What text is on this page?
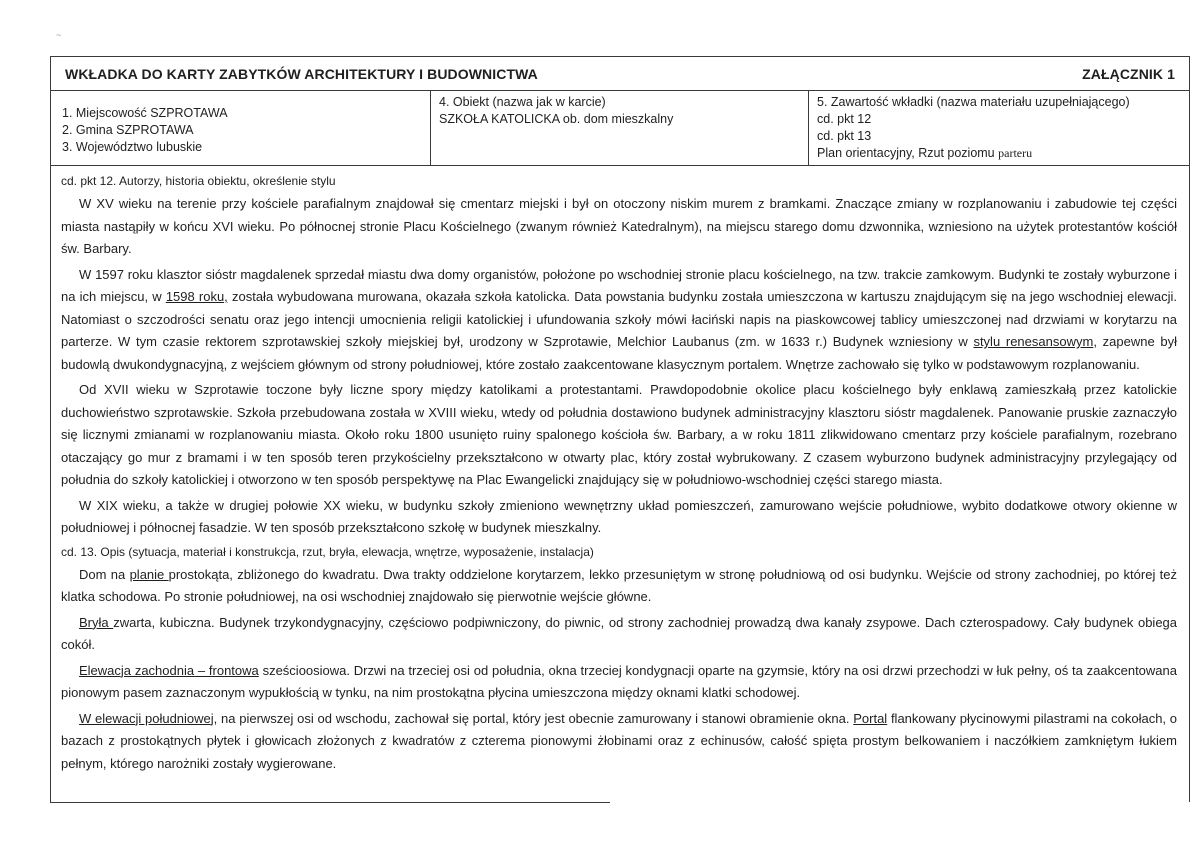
~
WKŁADKA DO KARTY ZABYTKÓW ARCHITEKTURY I BUDOWNICTWA	ZAŁĄCZNIK 1
1. Miejscowość SZPROTAWA
2. Gmina SZPROTAWA
3. Województwo lubuskie
4. Obiekt (nazwa jak w karcie)
SZKOŁA KATOLICKA ob. dom mieszkalny
5. Zawartość wkładki (nazwa materiału uzupełniającego)
cd. pkt 12
cd. pkt 13
Plan orientacyjny, Rzut poziomu parteru
cd. pkt 12. Autorzy, historia obiektu, określenie stylu

W XV wieku na terenie przy kościele parafialnym znajdował się cmentarz miejski i był on otoczony niskim murem z bramkami. Znaczące zmiany w rozplanowaniu i zabudowie tej części miasta nastąpiły w końcu XVI wieku. Po północnej stronie Placu Kościelnego (zwanym również Katedralnym), na miejscu starego domu dzwonnika, wzniesiono na użytek protestantów kościół św. Barbary.

W 1597 roku klasztor sióstr magdalenek sprzedał miastu dwa domy organistów, położone po wschodniej stronie placu kościelnego, na tzw. trakcie zamkowym. Budynki te zostały wyburzone i na ich miejscu, w 1598 roku, została wybudowana murowana, okazała szkoła katolicka. Data powstania budynku została umieszczona w kartuszu znajdującym się na jego wschodniej elewacji. Natomiast o szczodrości senatu oraz jego intencji umocnienia religii katolickiej i ufundowania szkoły mówi łaciński napis na piaskowcowej tablicy umieszczonej nad drzwiami w korytarzu na parterze. W tym czasie rektorem szprotawskiej szkoły miejskiej był, urodzony w Szprotawie, Melchior Laubanus (zm. w 1633 r.) Budynek wzniesiony w stylu renesansowym, zapewne był budowlą dwukondygnacyjną, z wejściem głównym od strony południowej, które zostało zaakcentowane klasycznym portalem. Wnętrze zachowało się tylko w podstawowym rozplanowaniu.

Od XVII wieku w Szprotawie toczone były liczne spory między katolikami a protestantami. Prawdopodobnie okolice placu kościelnego były enklawą zamieszkałą przez katolickie duchowieństwo szprotawskie. Szkoła przebudowana została w XVIII wieku, wtedy od południa dostawiono budynek administracyjny klasztoru sióstr magdalenek. Panowanie pruskie zaznaczyło się licznymi zmianami w rozplanowaniu miasta. Około roku 1800 usunięto ruiny spalonego kościoła św. Barbary, a w roku 1811 zlikwidowano cmentarz przy kościele parafialnym, rozebrano otaczający go mur z bramami i w ten sposób teren przykościelny przekształcono w otwarty plac, który został wybrukowany. Z czasem wyburzono budynek administracyjny przylegający od południa do szkoły katolickiej i otworzono w ten sposób perspektywę na Plac Ewangelicki znajdujący się w południowo-wschodniej części starego miasta.

W XIX wieku, a także w drugiej połowie XX wieku, w budynku szkoły zmieniono wewnętrzny układ pomieszczeń, zamurowano wejście południowe, wybito dodatkowe otwory okienne w południowej i północnej fasadzie. W ten sposób przekształcono szkołę w budynek mieszkalny.

cd. 13. Opis (sytuacja, materiał i konstrukcja, rzut, bryła, elewacja, wnętrze, wyposażenie, instalacja)

Dom na planie prostokąta, zbliżonego do kwadratu. Dwa trakty oddzielone korytarzem, lekko przesuniętym w stronę południową od osi budynku. Wejście od strony zachodniej, po której też klatka schodowa. Po stronie południowej, na osi wschodniej znajdowało się pierwotnie wejście główne.

Bryła zwarta, kubiczna. Budynek trzykondygnacyjny, częściowo podpiwniczony, do piwnic, od strony zachodniej prowadzą dwa kanały zsypowe. Dach czterospadowy. Cały budynek obiega cokół.

Elewacja zachodnia – frontowa sześcioosiowa. Drzwi na trzeciej osi od południa, okna trzeciej kondygnacji oparte na gzymsie, który na osi drzwi przechodzi w łuk pełny, oś ta zaakcentowana pionowym pasem zaznaczonym wypukłością w tynku, na nim prostokątna płycina umieszczona między oknami klatki schodowej.

W elewacji południowej, na pierwszej osi od wschodu, zachował się portal, który jest obecnie zamurowany i stanowi obramienie okna. Portal flankowany płycinowymi pilastrami na cokołach, o bazach z prostokątnych płytek i głowicach złożonych z kwadratów z czterema pionowymi żłobinami oraz z echinusów, całość spięta prostym belkowaniem i naczółkiem zamkniętym łukiem pełnym, którego narożniki zostały wygierowane.
